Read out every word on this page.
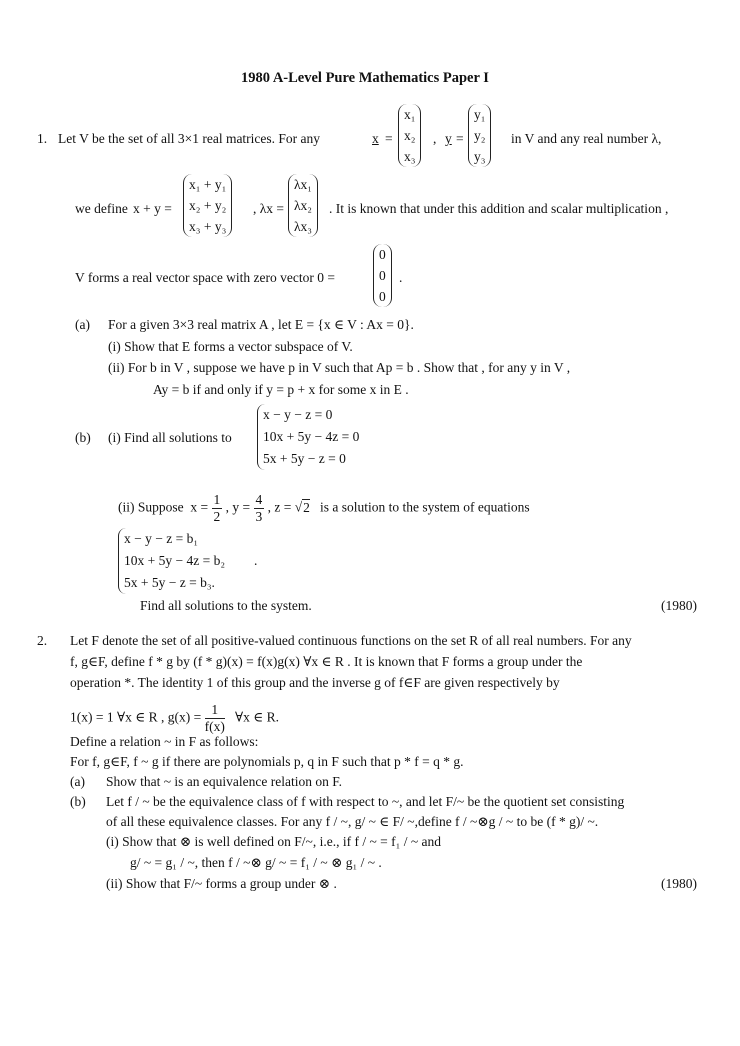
1980 A-Level Pure Mathematics Paper I
1. Let V be the set of all 3×1 real matrices. For any	x =
x₁
x₂
x₃
, y =
y₁
y₂
y₃
in V and any real number λ,
we define x + y =
x₁ + y₁
x₂ + y₂
x₃ + y₃
, λx =
λx₁
λx₂
λx₃
. It is known that under this addition and scalar multiplication ,
V forms a real vector space with zero vector 0 =
0
0
0
.
(a) For a given 3×3 real matrix A , let E = {x ∈ V : Ax = 0}.
(i) Show that E forms a vector subspace of V.
(ii) For b in V , suppose we have p in V such that Ap = b . Show that , for any y in V ,
Ay = b if and only if y = p + x for some x in E .
(b) (i) Find all solutions to
x − y − z = 0
10x + 5y − 4z = 0
5x + 5y − z = 0
(ii) Suppose $x = \frac{1}{2}$ , $y = \frac{4}{3}$ , z = √2 is a solution to the system of equations
x − y − z = b₁
10x + 5y − 4z = b₂
5x + 5y − z = b₃.
.
Find all solutions to the system.	(1980)
2. Let F denote the set of all positive-valued continuous functions on the set R of all real numbers. For any
f, g∈F, define f * g by (f * g)(x) = f(x)g(x) ∀x ∈ R . It is known that F forms a group under the
operation *. The identity 1 of this group and the inverse g of f∈F are given respectively by
1(x) = 1 ∀x ∈ R , $g(x) = \frac{1}{f(x)}$ ∀x ∈ R.
Define a relation ~ in F as follows:
For f, g∈F, f ~ g if there are polynomials p, q in F such that p * f = q * g.
(a) Show that ~ is an equivalence relation on F.
(b) Let f / ~ be the equivalence class of f with respect to ~, and let F/~ be the quotient set consisting
of all these equivalence classes. For any f / ~, g/ ~ ∈ F/ ~,define f / ~⊗g / ~ to be (f * g)/ ~.
(i) Show that ⊗ is well defined on F/~, i.e., if f / ~ = f₁ / ~ and
g/ ~ = g₁ / ~, then f / ~⊗ g/ ~ = f₁ / ~ ⊗ g₁ / ~ .
(ii) Show that F/~ forms a group under ⊗ .	(1980)
